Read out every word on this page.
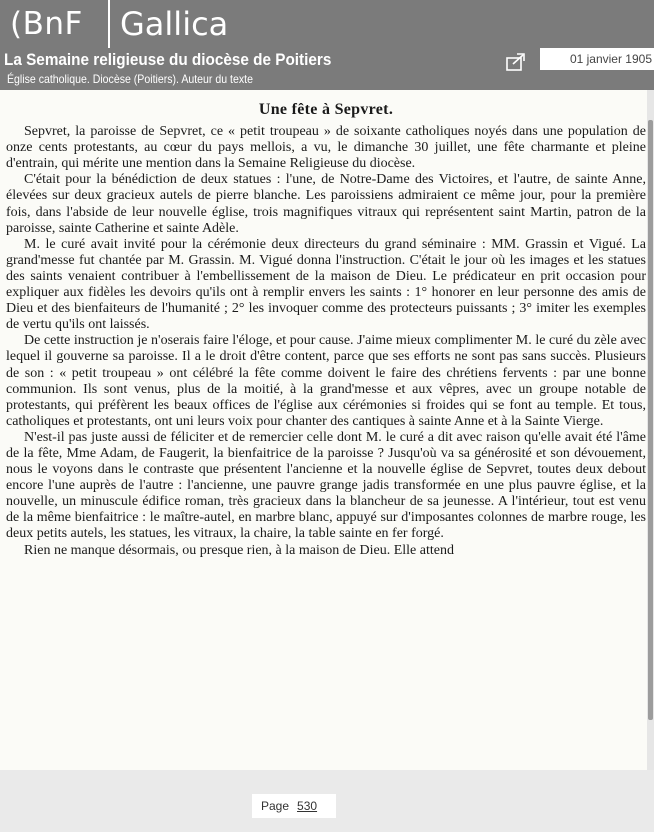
(BnF	Gallica
La Semaine religieuse du diocèse de Poitiers
Église catholique. Diocèse (Poitiers). Auteur du texte
01 janvier 1905
Une fête à Sepvret.

Sepvret, la paroisse de Sepvret, ce « petit troupeau » de soixante catholiques noyés dans une population de onze cents protestants, au cœur du pays mellois, a vu, le dimanche 30 juillet, une fête charmante et pleine d'entrain, qui mérite une mention dans la Semaine Religieuse du diocèse.

C'était pour la bénédiction de deux statues : l'une, de Notre-Dame des Victoires, et l'autre, de sainte Anne, élevées sur deux gracieux autels de pierre blanche. Les paroissiens admiraient ce même jour, pour la première fois, dans l'abside de leur nouvelle église, trois magnifiques vitraux qui représentent saint Martin, patron de la paroisse, sainte Catherine et sainte Adèle.

M. le curé avait invité pour la cérémonie deux directeurs du grand séminaire : MM. Grassin et Vigué. La grand'messe fut chantée par M. Grassin. M. Vigué donna l'instruction. C'était le jour où les images et les statues des saints venaient contribuer à l'embellissement de la maison de Dieu. Le prédicateur en prit occasion pour expliquer aux fidèles les devoirs qu'ils ont à remplir envers les saints : 1° honorer en leur personne des amis de Dieu et des bienfaiteurs de l'humanité ; 2° les invoquer comme des protecteurs puissants ; 3° imiter les exemples de vertu qu'ils ont laissés.

De cette instruction je n'oserais faire l'éloge, et pour cause. J'aime mieux complimenter M. le curé du zèle avec lequel il gouverne sa paroisse. Il a le droit d'être content, parce que ses efforts ne sont pas sans succès. Plusieurs de son : « petit troupeau » ont célébré la fête comme doivent le faire des chrétiens fervents : par une bonne communion. Ils sont venus, plus de la moitié, à la grand'messe et aux vêpres, avec un groupe notable de protestants, qui préfèrent les beaux offices de l'église aux cérémonies si froides qui se font au temple. Et tous, catholiques et protestants, ont uni leurs voix pour chanter des cantiques à sainte Anne et à la Sainte Vierge.

N'est-il pas juste aussi de féliciter et de remercier celle dont M. le curé a dit avec raison qu'elle avait été l'âme de la fête, Mme Adam, de Faugerit, la bienfaitrice de la paroisse ? Jusqu'où va sa générosité et son dévouement, nous le voyons dans le contraste que présentent l'ancienne et la nouvelle église de Sepvret, toutes deux debout encore l'une auprès de l'autre : l'ancienne, une pauvre grange jadis transformée en une plus pauvre église, et la nouvelle, un minuscule édifice roman, très gracieux dans la blancheur de sa jeunesse. A l'intérieur, tout est venu de la même bienfaitrice : le maître-autel, en marbre blanc, appuyé sur d'imposantes colonnes de marbre rouge, les deux petits autels, les statues, les vitraux, la chaire, la table sainte en fer forgé.

Rien ne manque désormais, ou presque rien, à la maison de Dieu. Elle attend

Page 530
